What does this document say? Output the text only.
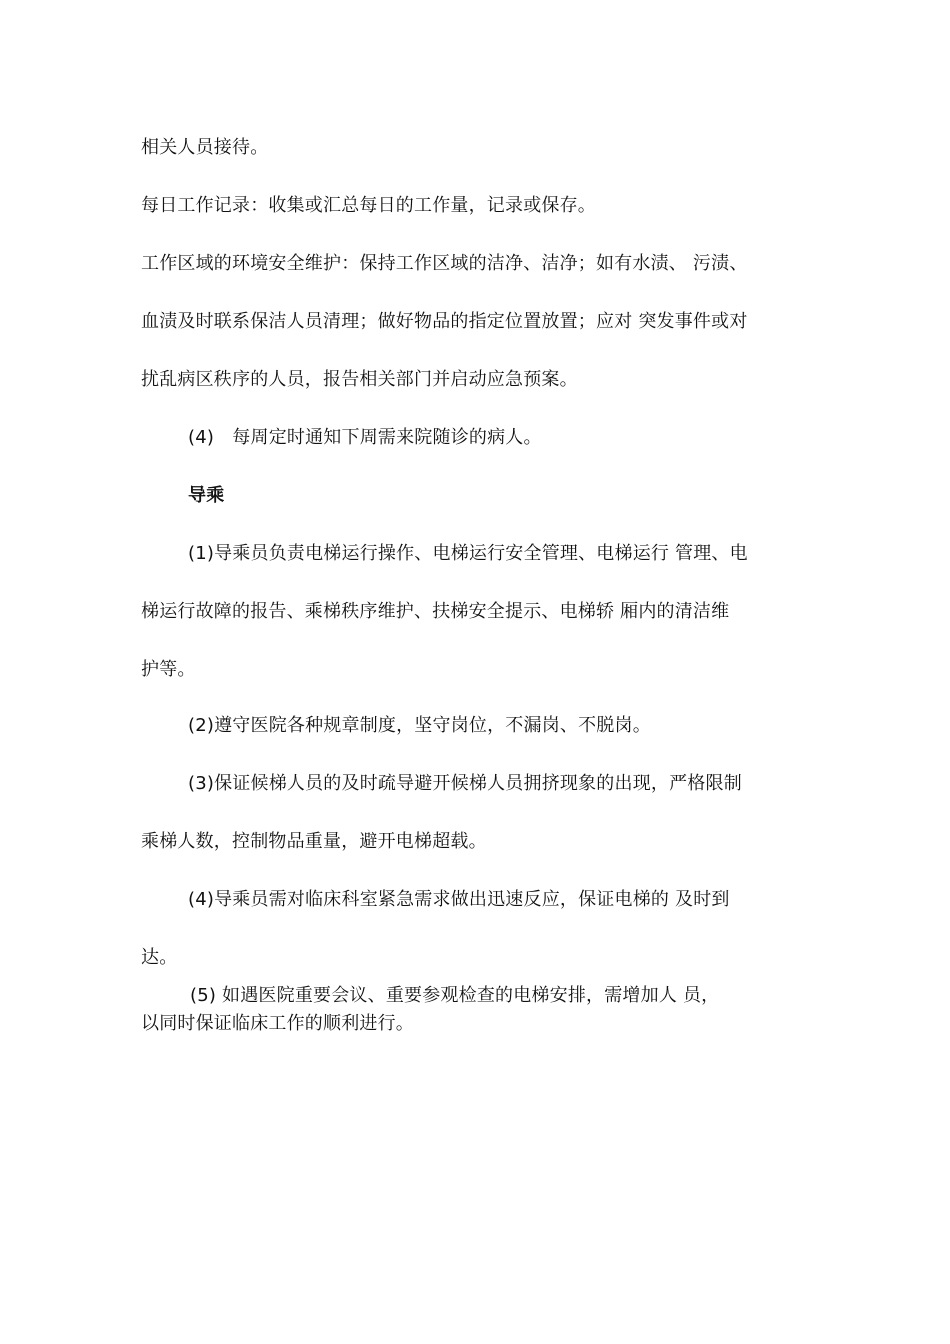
相关人员接待。
每日工作记录：收集或汇总每日的工作量，记录或保存。
工作区域的环境安全维护：保持工作区域的洁净、洁净；如有水渍、 污渍、
血渍及时联系保洁人员清理；做好物品的指定位置放置；应对 突发事件或对
扰乱病区秩序的人员，报告相关部门并启动应急预案。
(4)　每周定时通知下周需来院随诊的病人。
导乘
(1)导乘员负责电梯运行操作、电梯运行安全管理、电梯运行 管理、电
梯运行故障的报告、乘梯秩序维护、扶梯安全提示、电梯轿 厢内的清洁维
护等。
(2)遵守医院各种规章制度，坚守岗位，不漏岗、不脱岗。
(3)保证候梯人员的及时疏导避开候梯人员拥挤现象的出现，严格限制
乘梯人数，控制物品重量，避开电梯超载。
(4)导乘员需对临床科室紧急需求做出迅速反应，保证电梯的 及时到
达。
(5) 如遇医院重要会议、重要参观检查的电梯安排，需增加人 员，
以同时保证临床工作的顺利进行。
